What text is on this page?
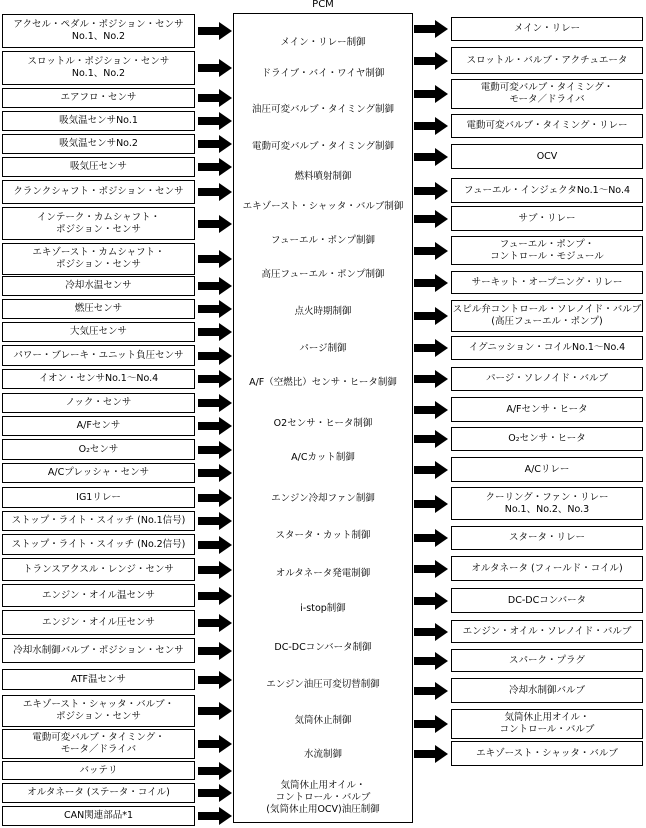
PCM
メイン・リレー制御
ドライブ・バイ・ワイヤ制御
油圧可変バルブ・タイミング制御
電動可変バルブ・タイミング制御
燃料噴射制御
エキゾースト・シャッタ・バルブ制御
フューエル・ポンプ制御
高圧フューエル・ポンプ制御
点火時期制御
パージ制御
A/F（空燃比）センサ・ヒータ制御
O2センサ・ヒータ制御
A/Cカット制御
エンジン冷却ファン制御
スタータ・カット制御
オルタネータ発電制御
i-stop制御
DC-DCコンバータ制御
エンジン油圧可変切替制御
気筒休止制御
水流制御
気筒休止用オイル・
コントロール・バルブ
(気筒休止用OCV)油圧制御
アクセル・ペダル・ポジション・センサ
No.1、No.2
スロットル・ポジション・センサ
No.1、No.2
エアフロ・センサ
吸気温センサNo.1
吸気温センサNo.2
吸気圧センサ
クランクシャフト・ポジション・センサ
インテーク・カムシャフト・
ポジション・センサ
エキゾースト・カムシャフト・
ポジション・センサ
冷却水温センサ
燃圧センサ
大気圧センサ
パワー・ブレーキ・ユニット負圧センサ
イオン・センサNo.1〜No.4
ノック・センサ
A/Fセンサ
O₂センサ
A/Cプレッシャ・センサ
IG1リレー
ストップ・ライト・スイッチ (No.1信号)
ストップ・ライト・スイッチ (No.2信号)
トランスアクスル・レンジ・センサ
エンジン・オイル温センサ
エンジン・オイル圧センサ
冷却水制御バルブ・ポジション・センサ
ATF温センサ
エキゾースト・シャッタ・バルブ・
ポジション・センサ
電動可変バルブ・タイミング・
モータ／ドライバ
バッテリ
オルタネータ (ステータ・コイル)
CAN関連部品*1
メイン・リレー
スロットル・バルブ・アクチュエータ
電動可変バルブ・タイミング・
モータ／ドライバ
電動可変バルブ・タイミング・リレー
OCV
フューエル・インジェクタNo.1〜No.4
サブ・リレー
フューエル・ポンプ・
コントロール・モジュール
サーキット・オープニング・リレー
スピル弁コントロール・ソレノイド・バルブ
(高圧フューエル・ポンプ)
イグニッション・コイルNo.1〜No.4
パージ・ソレノイド・バルブ
A/Fセンサ・ヒータ
O₂センサ・ヒータ
A/Cリレー
クーリング・ファン・リレー
No.1、No.2、No.3
スタータ・リレー
オルタネータ (フィールド・コイル)
DC-DCコンバータ
エンジン・オイル・ソレノイド・バルブ
スパーク・プラグ
冷却水制御バルブ
気筒休止用オイル・
コントロール・バルブ
エキゾースト・シャッタ・バルブ
